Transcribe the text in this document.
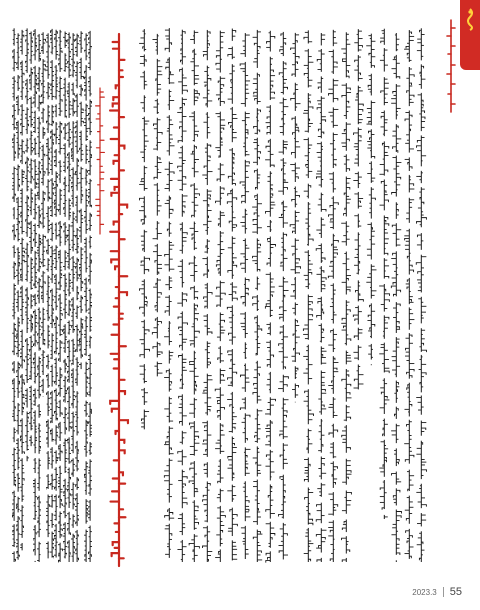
2023.3 55
